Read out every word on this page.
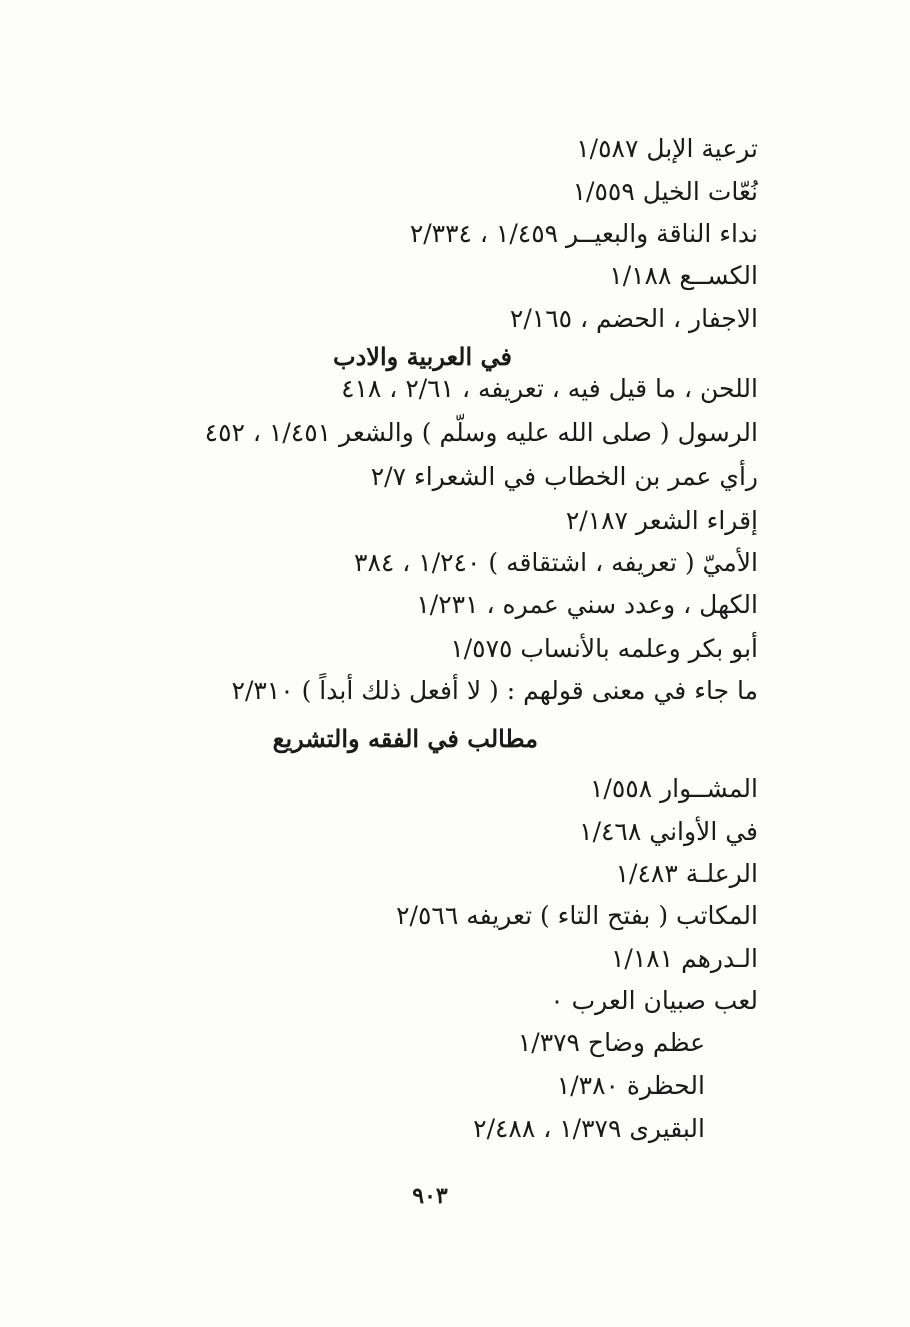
ترعية الإبل ١/٥٨٧

نُعّات الخيل ١/٥٥٩

نداء الناقة والبعيــر ١/٤٥٩ ، ٢/٣٣٤

الكســع ١/١٨٨

الاجفار ، الحضم ، ٢/١٦٥

في العربية والادب

اللحن ، ما قيل فيه ، تعريفه ، ٢/٦١ ، ٤١٨

الرسول ( صلى الله عليه وسلّم ) والشعر ١/٤٥١ ، ٤٥٢

رأي عمر بن الخطاب في الشعراء ٢/٧

إقراء الشعر ٢/١٨٧

الأميّ ( تعريفه ، اشتقاقه ) ١/٢٤٠ ، ٣٨٤

الكهل ، وعدد سني عمره ، ١/٢٣١

أبو بكر وعلمه بالأنساب ١/٥٧٥

ما جاء في معنى قولهم : ( لا أفعل ذلك أبداً ) ٢/٣١٠

مطالب في الفقه والتشريع

المشــوار ١/٥٥٨

في الأواني ١/٤٦٨

الرعلـة ١/٤٨٣

المكاتب ( بفتح التاء ) تعريفه ٢/٥٦٦

الـدرهم ١/١٨١

لعب صبيان العرب ٠

عظم وضاح ١/٣٧٩

الحظرة ١/٣٨٠

البقيرى ١/٣٧٩ ، ٢/٤٨٨

٩٠٣
